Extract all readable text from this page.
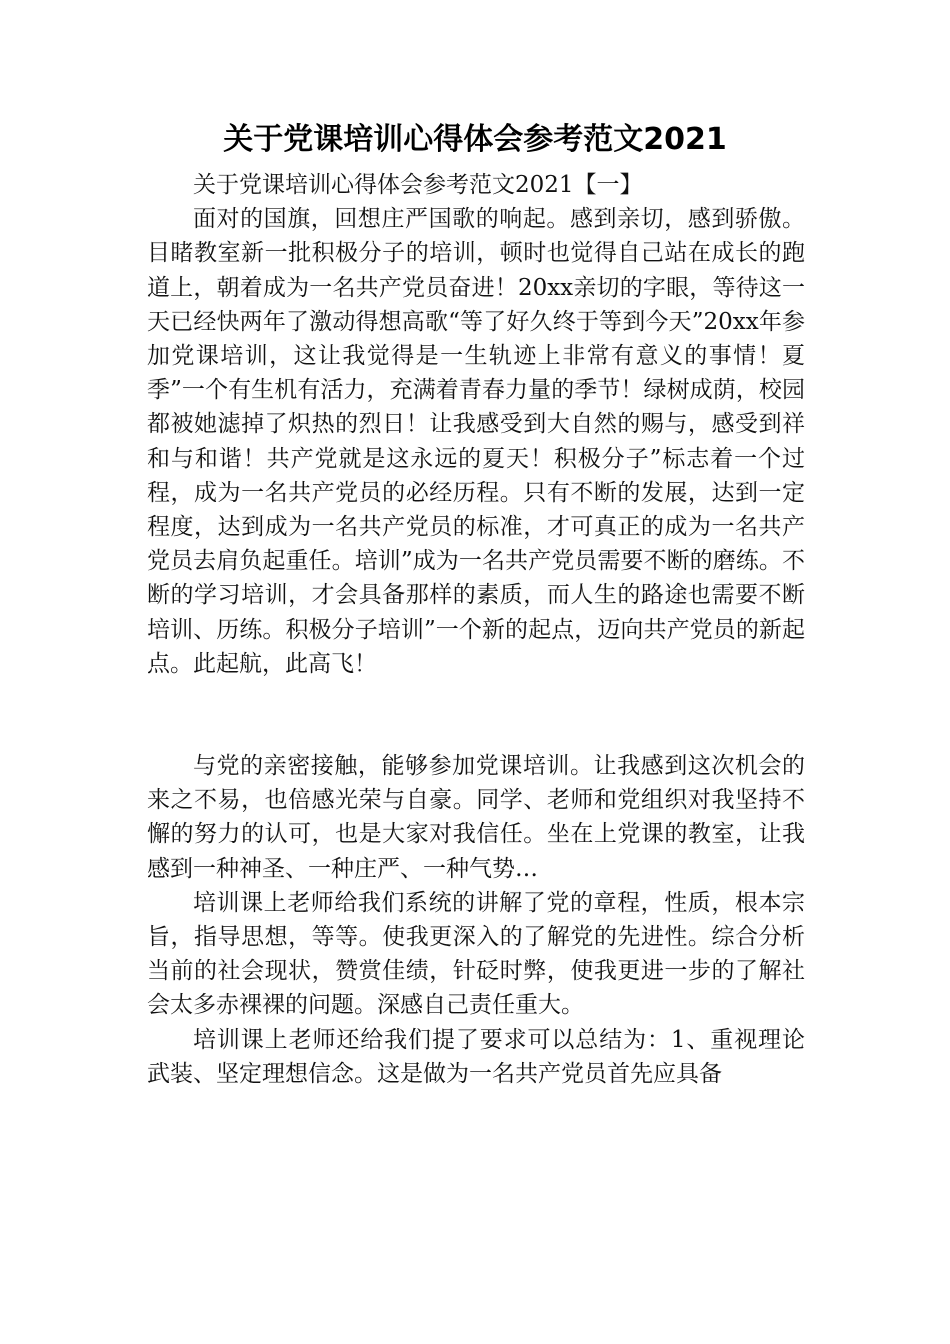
关于党课培训心得体会参考范文2021

关于党课培训心得体会参考范文2021【一】

面对的国旗，回想庄严国歌的响起。感到亲切，感到骄傲。目睹教室新一批积极分子的培训，顿时也觉得自己站在成长的跑道上，朝着成为一名共产党员奋进！20xx亲切的字眼，等待这一天已经快两年了激动得想高歌“等了好久终于等到今天”20xx年参加党课培训，这让我觉得是一生轨迹上非常有意义的事情！夏季”一个有生机有活力，充满着青春力量的季节！绿树成荫，校园都被她滤掉了炽热的烈日！让我感受到大自然的赐与，感受到祥和与和谐！共产党就是这永远的夏天！积极分子”标志着一个过程，成为一名共产党员的必经历程。只有不断的发展，达到一定程度，达到成为一名共产党员的标准，才可真正的成为一名共产党员去肩负起重任。培训”成为一名共产党员需要不断的磨练。不断的学习培训，才会具备那样的素质，而人生的路途也需要不断培训、历练。积极分子培训”一个新的起点，迈向共产党员的新起点。此起航，此高飞！

与党的亲密接触，能够参加党课培训。让我感到这次机会的来之不易，也倍感光荣与自豪。同学、老师和党组织对我坚持不懈的努力的认可，也是大家对我信任。坐在上党课的教室，让我感到一种神圣、一种庄严、一种气势…

培训课上老师给我们系统的讲解了党的章程，性质，根本宗旨，指导思想，等等。使我更深入的了解党的先进性。综合分析当前的社会现状，赞赏佳绩，针砭时弊，使我更进一步的了解社会太多赤裸裸的问题。深感自己责任重大。

培训课上老师还给我们提了要求可以总结为：1、重视理论武装、坚定理想信念。这是做为一名共产党员首先应具备
